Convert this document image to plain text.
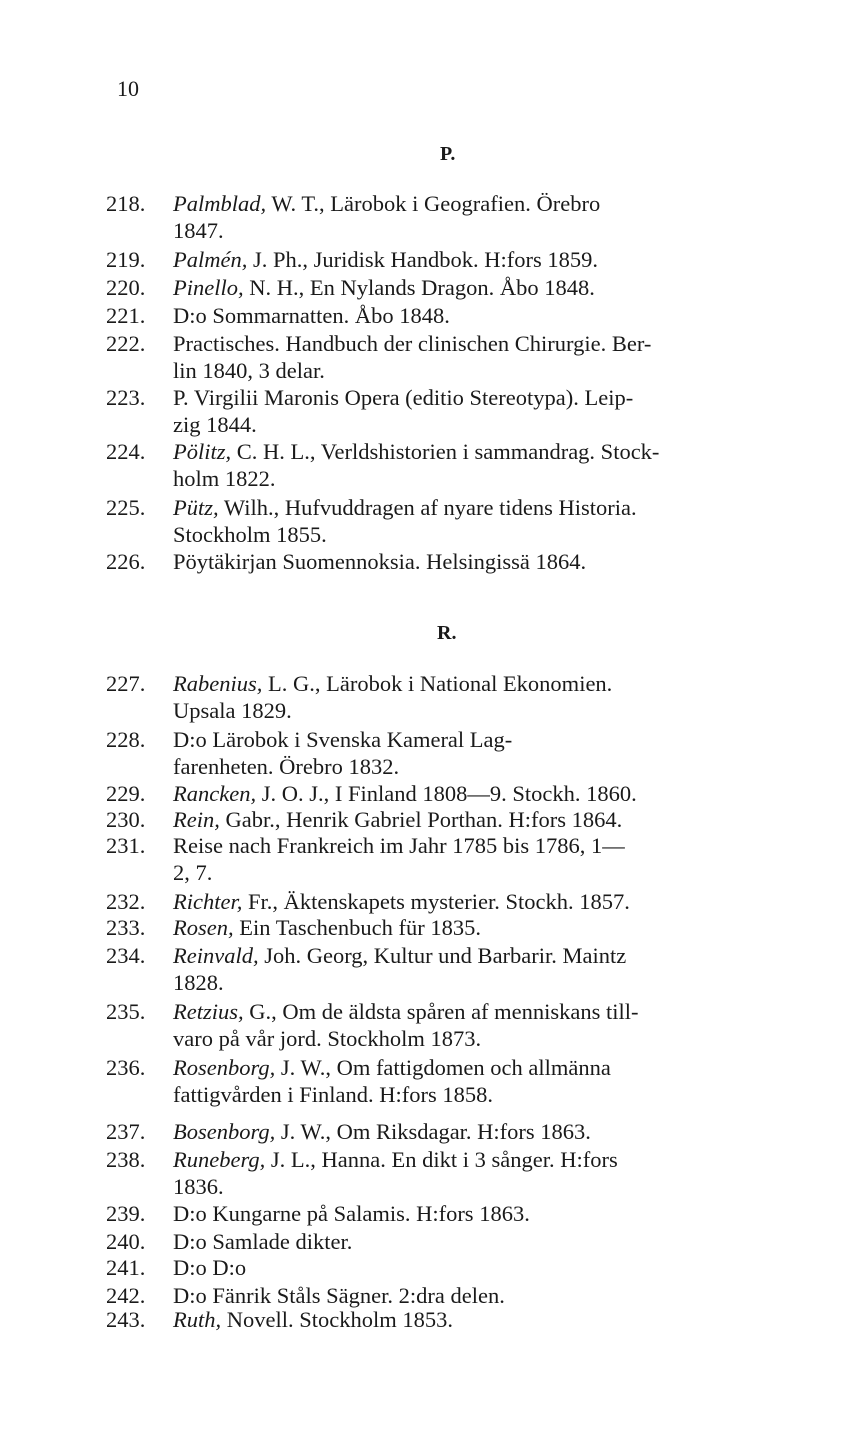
10
P.
218. Palmblad, W. T., Lärobok i Geografien. Örebro
1847.
219. Palmén, J. Ph., Juridisk Handbok. H:fors 1859.
220. Pinello, N. H., En Nylands Dragon. Åbo 1848.
221. D:o Sommarnatten. Åbo 1848.
222. Practisches. Handbuch der clinischen Chirurgie. Ber-
lin 1840, 3 delar.
223. P. Virgilii Maronis Opera (editio Stereotypa). Leip-
zig 1844.
224. Pölitz, C. H. L., Verldshistorien i sammandrag. Stock-
holm 1822.
225. Pütz, Wilh., Hufvuddragen af nyare tidens Historia.
Stockholm 1855.
226. Pöytäkirjan Suomennoksia. Helsingissä 1864.
R.
227. Rabenius, L. G., Lärobok i National Ekonomien.
Upsala 1829.
228. D:o Lärobok i Svenska Kameral Lag-
farenheten. Örebro 1832.
229. Rancken, J. O. J., I Finland 1808—9. Stockh. 1860.
230. Rein, Gabr., Henrik Gabriel Porthan. H:fors 1864.
231. Reise nach Frankreich im Jahr 1785 bis 1786, 1—
2, 7.
232. Richter, Fr., Äktenskapets mysterier. Stockh. 1857.
233. Rosen, Ein Taschenbuch für 1835.
234. Reinvald, Joh. Georg, Kultur und Barbarir. Maintz
1828.
235. Retzius, G., Om de äldsta spåren af menniskans till-
varo på vår jord. Stockholm 1873.
236. Rosenborg, J. W., Om fattigdomen och allmänna
fattigvården i Finland. H:fors 1858.
237. Bosenborg, J. W., Om Riksdagar. H:fors 1863.
238. Runeberg, J. L., Hanna. En dikt i 3 sånger. H:fors
1836.
239. D:o Kungarne på Salamis. H:fors 1863.
240. D:o Samlade dikter.
241. D:o D:o
242. D:o Fänrik Ståls Sägner. 2:dra delen.
243. Ruth, Novell. Stockholm 1853.
